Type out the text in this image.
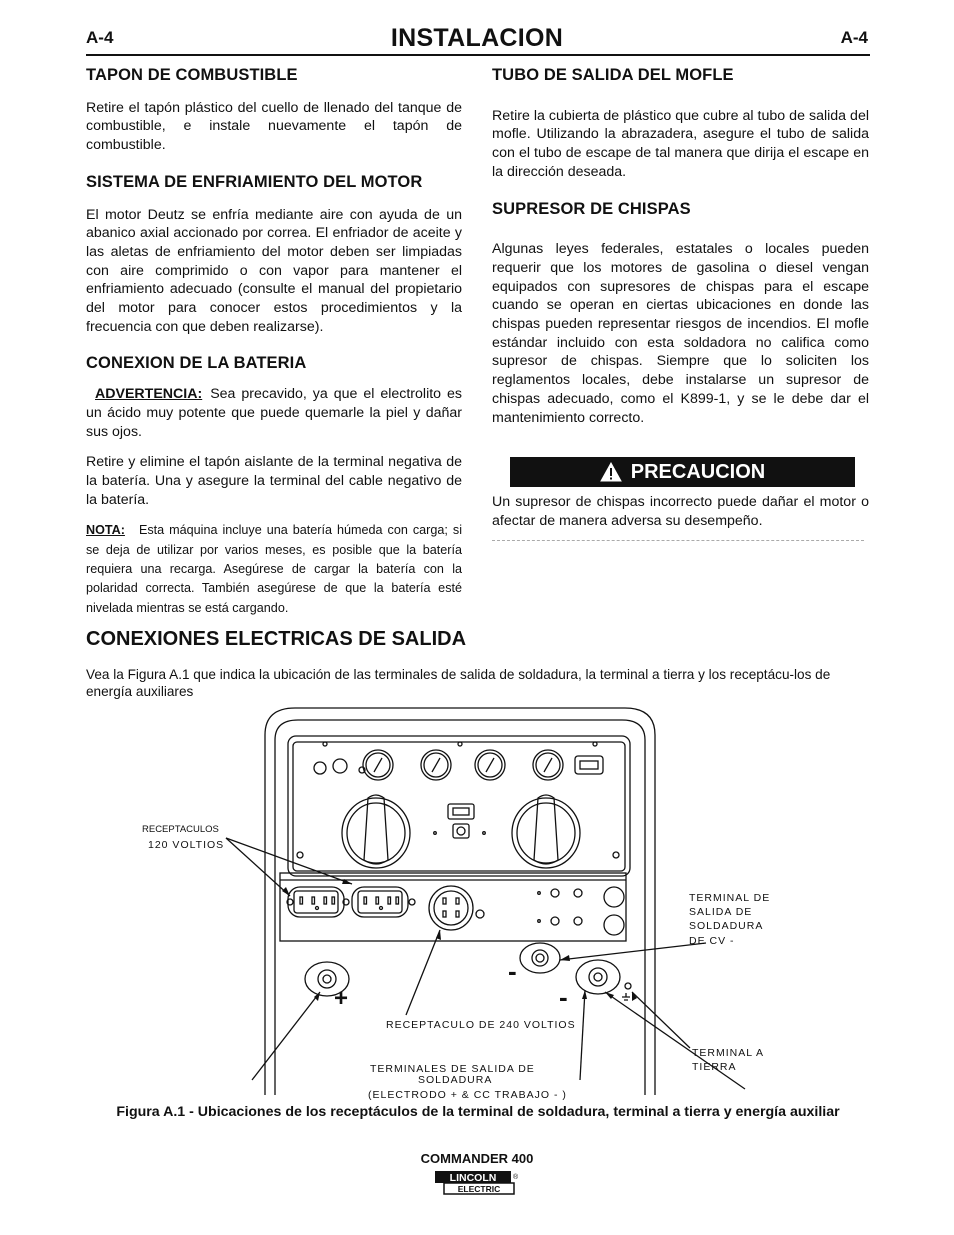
A-4	INSTALACION	A-4
TAPON DE COMBUSTIBLE

Retire el tapón plástico del cuello de llenado del tanque de combustible, e instale nuevamente el tapón de combustible.

SISTEMA DE ENFRIAMIENTO DEL MOTOR

El motor Deutz se enfría mediante aire con ayuda de un abanico axial accionado por correa. El enfriador de aceite y las aletas de enfriamiento del motor deben ser limpiadas con aire comprimido o con vapor para mantener el enfriamiento adecuado (consulte el manual del propietario del motor para conocer estos procedimientos y la frecuencia con que deben realizarse).

CONEXION DE LA BATERIA

ADVERTENCIA: Sea precavido, ya que el electrolito es un ácido muy potente que puede quemarle la piel y dañar sus ojos.

Retire y elimine el tapón aislante de la terminal negativa de la batería. Una y asegure la terminal del cable negativo de la batería.

NOTA: Esta máquina incluye una batería húmeda con carga; si se deja de utilizar por varios meses, es posible que la batería requiera una recarga. Asegúrese de cargar la batería con la polaridad correcta. También asegúrese de que la batería esté nivelada mientras se está cargando.

TUBO DE SALIDA DEL MOFLE

Retire la cubierta de plástico que cubre al tubo de salida del mofle. Utilizando la abrazadera, asegure el tubo de salida con el tubo de escape de tal manera que dirija el escape en la dirección deseada.

SUPRESOR DE CHISPAS

Algunas leyes federales, estatales o locales pueden requerir que los motores de gasolina o diesel vengan equipados con supresores de chispas para el escape cuando se operan en ciertas ubicaciones en donde las chispas pueden representar riesgos de incendios. El mofle estándar incluido con esta soldadora no califica como supresor de chispas. Siempre que lo soliciten los reglamentos locales, debe instalarse un supresor de chispas adecuado, como el K899-1, y se le debe dar el mantenimiento correcto.

PRECAUCION

Un supresor de chispas incorrecto puede dañar el motor o afectar de manera adversa su desempeño.

CONEXIONES ELECTRICAS DE SALIDA

Vea la Figura A.1 que indica la ubicación de las terminales de salida de soldadura, la terminal a tierra y los receptácu-los de energía auxiliares

+
-
-
RECEPTACULOS
120 VOLTIOS
TERMINAL DE
SALIDA DE
SOLDADURA
DE CV -
RECEPTACULO DE 240 VOLTIOS
TERMINAL A
TIERRA
TERMINALES DE SALIDA DE
SOLDADURA
(ELECTRODO + & CC TRABAJO - )

Figura A.1 - Ubicaciones de los receptáculos de la terminal de soldadura, terminal a tierra y energía auxiliar

COMMANDER 400
LINCOLN
ELECTRIC
®
